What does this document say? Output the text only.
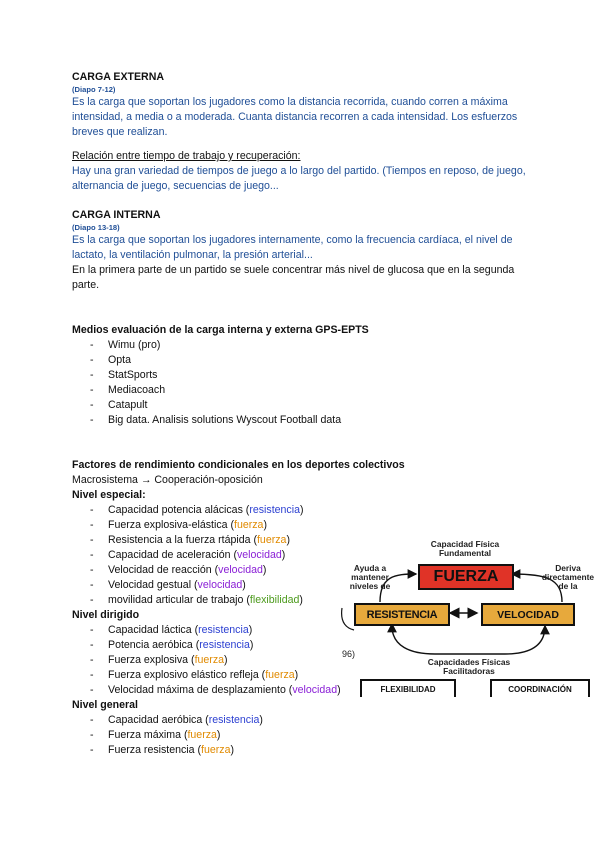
CARGA EXTERNA
(Diapo 7-12)
Es la carga que soportan los jugadores como la distancia recorrida, cuando corren a máxima intensidad, a media o a moderada. Cuanta distancia recorren a cada intensidad. Los esfuerzos breves que realizan.
Relación entre tiempo de trabajo y recuperación:
Hay una gran variedad de tiempos de juego a lo largo del partido. (Tiempos en reposo, de juego, alternancia de juego, secuencias de juego...
CARGA INTERNA
(Diapo 13-18)
Es la carga que soportan los jugadores internamente, como la frecuencia cardíaca, el nivel de lactato, la ventilación pulmonar, la presión arterial...
En la primera parte de un partido se suele concentrar más nivel de glucosa que en la segunda parte.
Medios evaluación de la carga interna y externa GPS-EPTS
- Wimu (pro)
- Opta
- StatSports
- Mediacoach
- Catapult
- Big data. Analisis solutions Wyscout Football data
Factores de rendimiento condicionales en los deportes colectivos
Macrosistema → Cooperación-oposición
Nivel especial:
- Capacidad potencia alácicas (resistencia)
- Fuerza explosiva-elástica (fuerza)
- Resistencia a la fuerza rtápida (fuerza)
- Capacidad de aceleración (velocidad)
- Velocidad de reacción (velocidad)
- Velocidad gestual (velocidad)
- movilidad articular de trabajo (flexibilidad)
Nivel dirigido
- Capacidad láctica (resistencia)
- Potencia aeróbica (resistencia)
- Fuerza explosiva (fuerza)
- Fuerza explosivo elástico refleja (fuerza)
- Velocidad máxima de desplazamiento (velocidad)
Nivel general
- Capacidad aeróbica (resistencia)
- Fuerza máxima (fuerza)
- Fuerza resistencia (fuerza)
Capacidad Física
Fundamental
Ayuda a
mantener
niveles de
Deriva
directamente
de la
FUERZA
RESISTENCIA	VELOCIDAD
96)
Capacidades Físicas
Facilitadoras
FLEXIBILIDAD	COORDINACIÓN
